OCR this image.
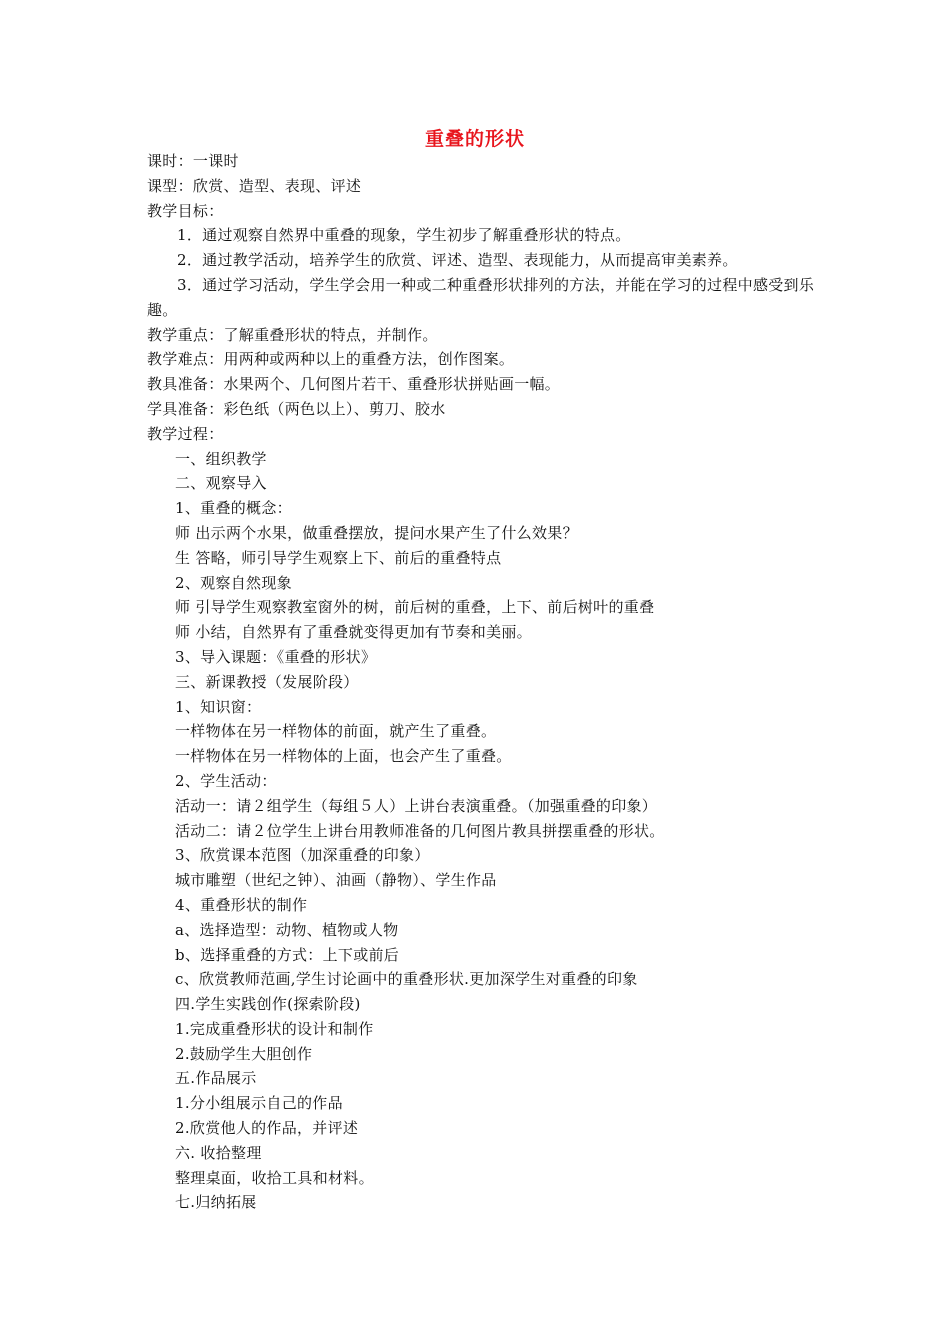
重叠的形状
课时：一课时
课型：欣赏、造型、表现、评述
教学目标：
1．通过观察自然界中重叠的现象，学生初步了解重叠形状的特点。
2．通过教学活动，培养学生的欣赏、评述、造型、表现能力，从而提高审美素养。
3．通过学习活动，学生学会用一种或二种重叠形状排列的方法，并能在学习的过程中感受到乐趣。
教学重点：了解重叠形状的特点，并制作。
教学难点：用两种或两种以上的重叠方法，创作图案。
教具准备：水果两个、几何图片若干、重叠形状拼贴画一幅。
学具准备：彩色纸（两色以上）、剪刀、胶水
教学过程：
一、组织教学
二、观察导入
1、重叠的概念：
师 出示两个水果，做重叠摆放，提问水果产生了什么效果？
生 答略，师引导学生观察上下、前后的重叠特点
2、观察自然现象
师 引导学生观察教室窗外的树，前后树的重叠，上下、前后树叶的重叠
师 小结，自然界有了重叠就变得更加有节奏和美丽。
3、导入课题：《重叠的形状》
三、新课教授（发展阶段）
1、知识窗：
一样物体在另一样物体的前面，就产生了重叠。
一样物体在另一样物体的上面，也会产生了重叠。
2、学生活动：
活动一：请２组学生（每组５人）上讲台表演重叠。（加强重叠的印象）
活动二：请２位学生上讲台用教师准备的几何图片教具拼摆重叠的形状。
3、欣赏课本范图（加深重叠的印象）
城市雕塑（世纪之钟）、油画（静物）、学生作品
4、重叠形状的制作
a、选择造型：动物、植物或人物
b、选择重叠的方式：上下或前后
c、欣赏教师范画,学生讨论画中的重叠形状.更加深学生对重叠的印象
四.学生实践创作(探索阶段)
1.完成重叠形状的设计和制作
2.鼓励学生大胆创作
五.作品展示
1.分小组展示自己的作品
2.欣赏他人的作品，并评述
六. 收拾整理
整理桌面，收拾工具和材料。
七.归纳拓展
